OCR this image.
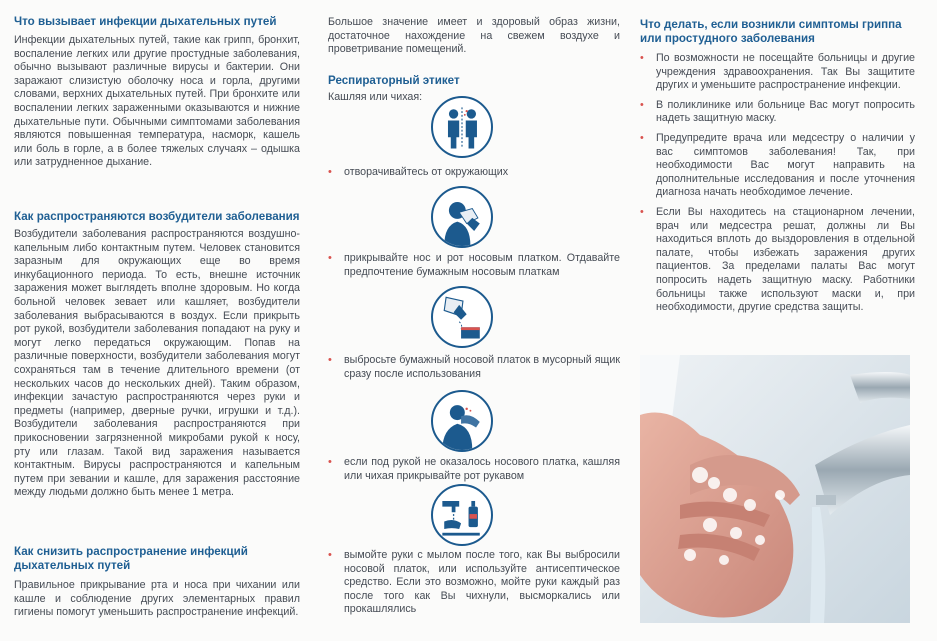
Что вызывает инфекции дыхательных путей

Инфекции дыхательных путей, такие как грипп, бронхит, воспаление легких или другие простудные заболевания, обычно вызывают различные вирусы и бактерии. Они заражают слизистую оболочку носа и горла, другими словами, верхних дыхательных путей. При бронхите или воспалении легких зараженными оказываются и нижние дыхательные пути. Обычными симптомами заболевания являются повышенная температура, насморк, кашель или боль в горле, а в более тяжелых случаях – одышка или затрудненное дыхание.

Как распространяются возбудители заболевания

Возбудители заболевания распространяются воздушно-капельным либо контактным путем. Человек становится заразным для окружающих еще во время инкубационного периода. То есть, внешне источник заражения может выглядеть вполне здоровым. Но когда больной человек зевает или кашляет, возбудители заболевания выбрасываются в воздух. Если прикрыть рот рукой, возбудители заболевания попадают на руку и могут легко передаться окружающим. Попав на различные поверхности, возбудители заболевания могут сохраняться там в течение длительного времени (от нескольких часов до нескольких дней). Таким образом, инфекции зачастую распространяются через руки и предметы (например, дверные ручки, игрушки и т.д.). Возбудители заболевания распространяются при прикосновении загрязненной микробами рукой к носу, рту или глазам. Такой вид заражения называется контактным. Вирусы распространяются и капельным путем при зевании и кашле, для заражения расстояние между людьми должно быть менее 1 метра.

Как снизить распространение инфекций дыхательных путей

Правильное прикрывание рта и носа при чихании или кашле и соблюдение других элементарных правил гигиены помогут уменьшить распространение инфекций.

Большое значение имеет и здоровый образ жизни, достаточное нахождение на свежем воздухе и проветривание помещений.

Респираторный этикет

Кашляя или чихая:

• отворачивайтесь от окружающих
• прикрывайте нос и рот носовым платком. Отдавайте предпочтение бумажным носовым платкам
• выбросьте бумажный носовой платок в мусорный ящик сразу после использования
• если под рукой не оказалось носового платка, кашляя или чихая прикрывайте рот рукавом
• вымойте руки с мылом после того, как Вы выбросили носовой платок, или используйте антисептическое средство. Если это возможно, мойте руки каждый раз после того как Вы чихнули, высморкались или прокашлялись
Что делать, если возникли симптомы гриппа или простудного заболевания
• По возможности не посещайте больницы и другие учреждения здравоохранения. Так Вы защитите других и уменьшите распространение инфекции.
• В поликлинике или больнице Вас могут попросить надеть защитную маску.
• Предупредите врача или медсестру о наличии у вас симптомов заболевания! Так, при необходимости Вас могут направить на дополнительные исследования и после уточнения диагноза начать необходимое лечение.
• Если Вы находитесь на стационарном лечении, врач или медсестра решат, должны ли Вы находиться вплоть до выздоровления в отдельной палате, чтобы избежать заражения других пациентов. За пределами палаты Вас могут попросить надеть защитную маску. Работники больницы также используют маски и, при необходимости, другие средства защиты.
